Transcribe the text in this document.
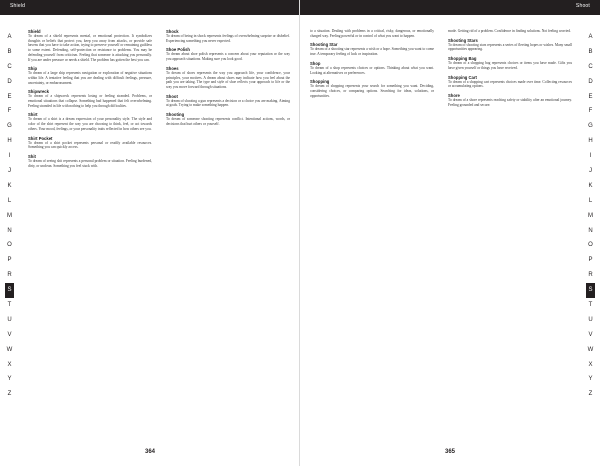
Shield
A
B
C
D
E
F
G
H
I
J
K
L
M
N
O
P
R
S
T
U
V
W
X
Y
Z
Shield
To dream of a shield represents mental, or emotional protection. It symbolizes thoughts or beliefs that protect you, keep you away from attacks, or provide safe havens that you have to take action, trying to preserve yourself or remaining guiltless to some extent. Defending, self-protection or resistance to problems. You may be defending yourself from criticism. Feeling that someone is attacking you personally. If you are under pressure or needs a shield. The problem has gotten the best you can.
Ship
To dream of a large ship represents navigation or exploration of negative situations within life. A tentative feeling that you are dealing with difficult feelings, pressure, uncertainty, or embarrassment.
Shipwreck
To dream of a shipwreck represents losing or feeling stranded. Problems, or emotional situations that collapse. Something bad happened that felt overwhelming. Feeling stranded in life with nothing to help you through difficulties.
Shirt
To dream of a shirt is a dream expression of your personality style. The style and color of the shirt represent the way you are choosing to think, feel, or act towards others. Your mood, feelings, or your personality traits reflected in how others see you.
Shirt Pocket
To dream of a shirt pocket represents personal or readily available resources. Something you can quickly access.
Shit
To dream of seeing shit represents a personal problem or situation. Feeling burdened, dirty, or unclean. Something you feel stuck with.
Shock
To dream of being in shock represents feelings of overwhelming surprise or disbelief. Experiencing something you never expected.
Shoe Polish
To dream about shoe polish represents a concern about your reputation or the way you approach situations. Making sure you look good.
Shoes
To dream of shoes represents the way you approach life, your confidence, your principles, your motives. A dream about shoes may indicate how you feel about the path you are taking. The type and style of shoe reflects your approach to life or the way you move forward through situations.
Shoot
To dream of shooting a gun represents a decision or a choice you are making. Aiming at goals. Trying to make something happen.
Shooting
To dream of someone shooting represents conflict. Intentional actions, words, or decisions that hurt others or yourself.
364
Shoot
A
B
C
D
E
F
G
H
I
J
K
L
M
N
O
P
R
S
T
U
V
W
X
Y
Z
to a situation. Dealing with problems in a critical, risky, dangerous, or emotionally charged way. Feeling powerful or in control of what you want to happen.
Shooting Star
To dream of a shooting star represents a wish or a hope. Something you want to come true. A temporary feeling of luck or inspiration.
Shop
To dream of a shop represents choices or options. Thinking about what you want. Looking at alternatives or preferences.
Shopping
To dream of shopping represents your search for something you want. Deciding, considering choices, or comparing options. Searching for ideas, solutions, or opportunities.
mode. Getting rid of a problem. Confidence in finding solutions. Not feeling worried.
Shooting Stars
To dream of shooting stars represents a series of fleeting hopes or wishes. Many small opportunities appearing.
Shopping Bag
To dream of a shopping bag represents choices or items you have made. Gifts you have given yourself or things you have received.
Shopping Cart
To dream of a shopping cart represents choices made over time. Collecting resources or accumulating options.
Shore
To dream of a shore represents reaching safety or stability after an emotional journey. Feeling grounded and secure.
365
